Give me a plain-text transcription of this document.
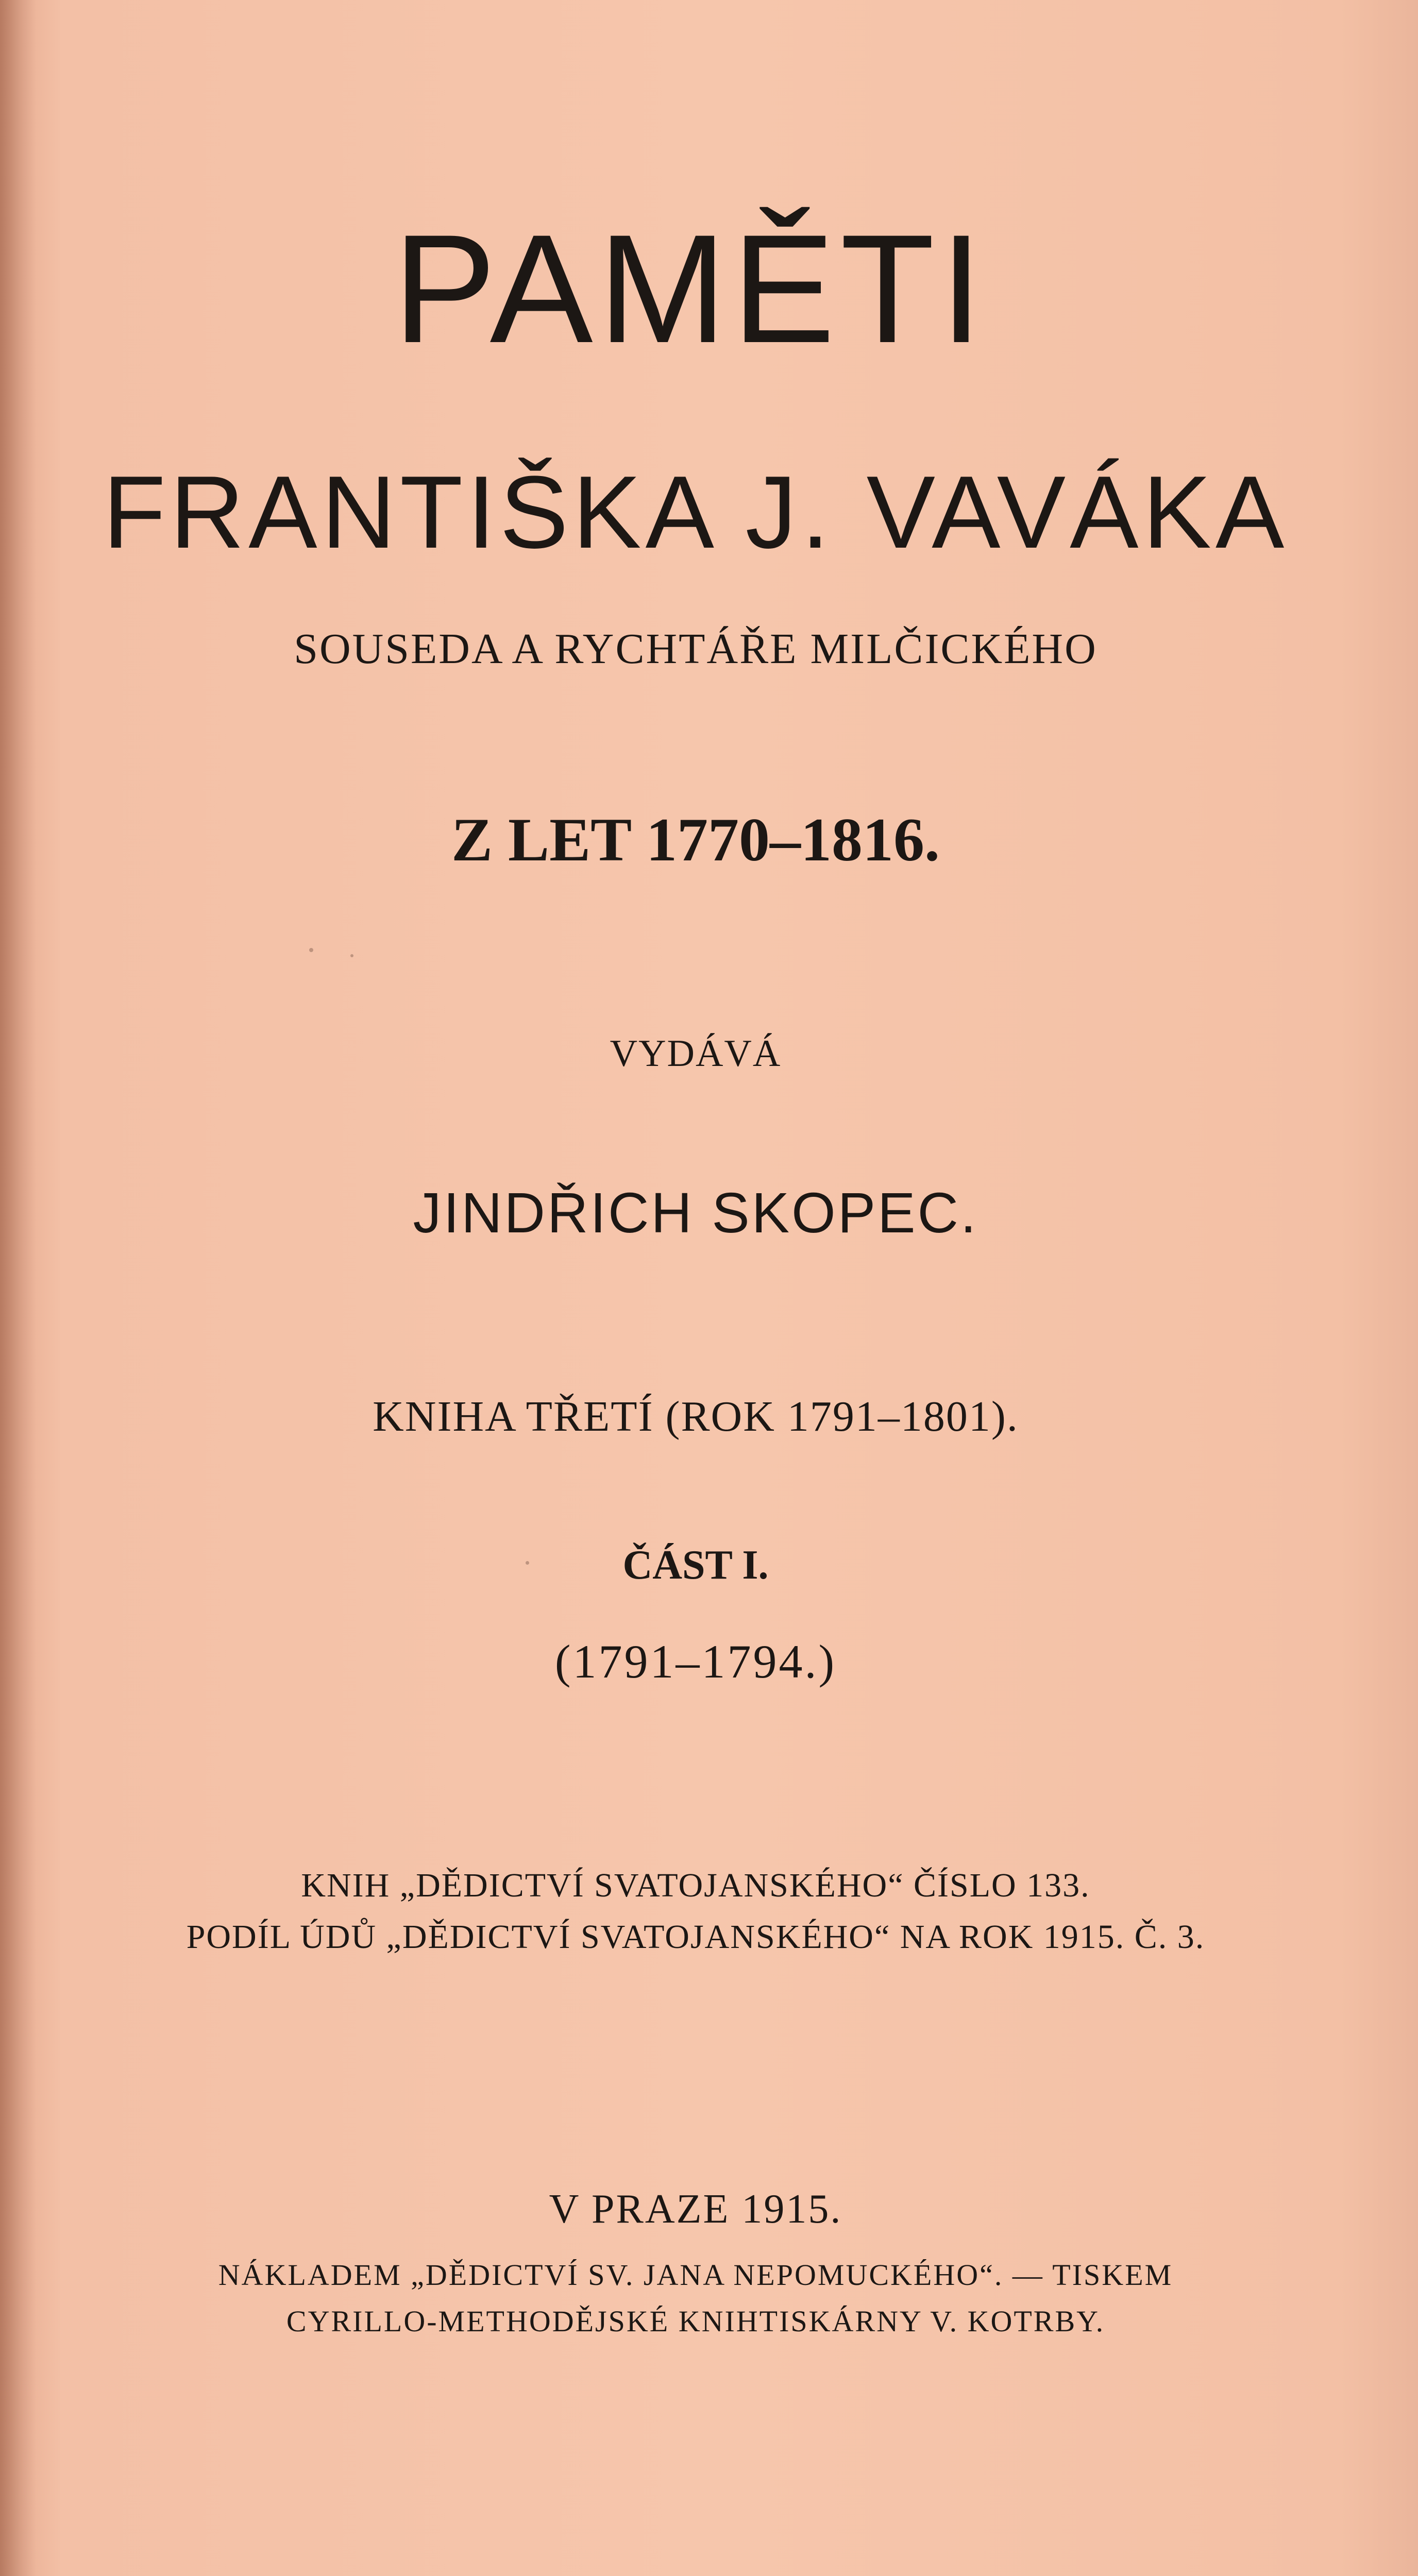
PAMĚTI

FRANTIŠKA J. VAVÁKA

SOUSEDA A RYCHTÁŘE MILČICKÉHO

Z LET 1770–1816.

VYDÁVÁ

JINDŘICH SKOPEC.

KNIHA TŘETÍ (ROK 1791–1801).

ČÁST I.

(1791–1794.)

KNIH „DĚDICTVÍ SVATOJANSKÉHO“ ČÍSLO 133.

PODÍL ÚDŮ „DĚDICTVÍ SVATOJANSKÉHO“ NA ROK 1915. Č. 3.

V PRAZE 1915.

NÁKLADEM „DĚDICTVÍ SV. JANA NEPOMUCKÉHO“. — TISKEM

CYRILLO-METHODĚJSKÉ KNIHTISKÁRNY V. KOTRBY.
